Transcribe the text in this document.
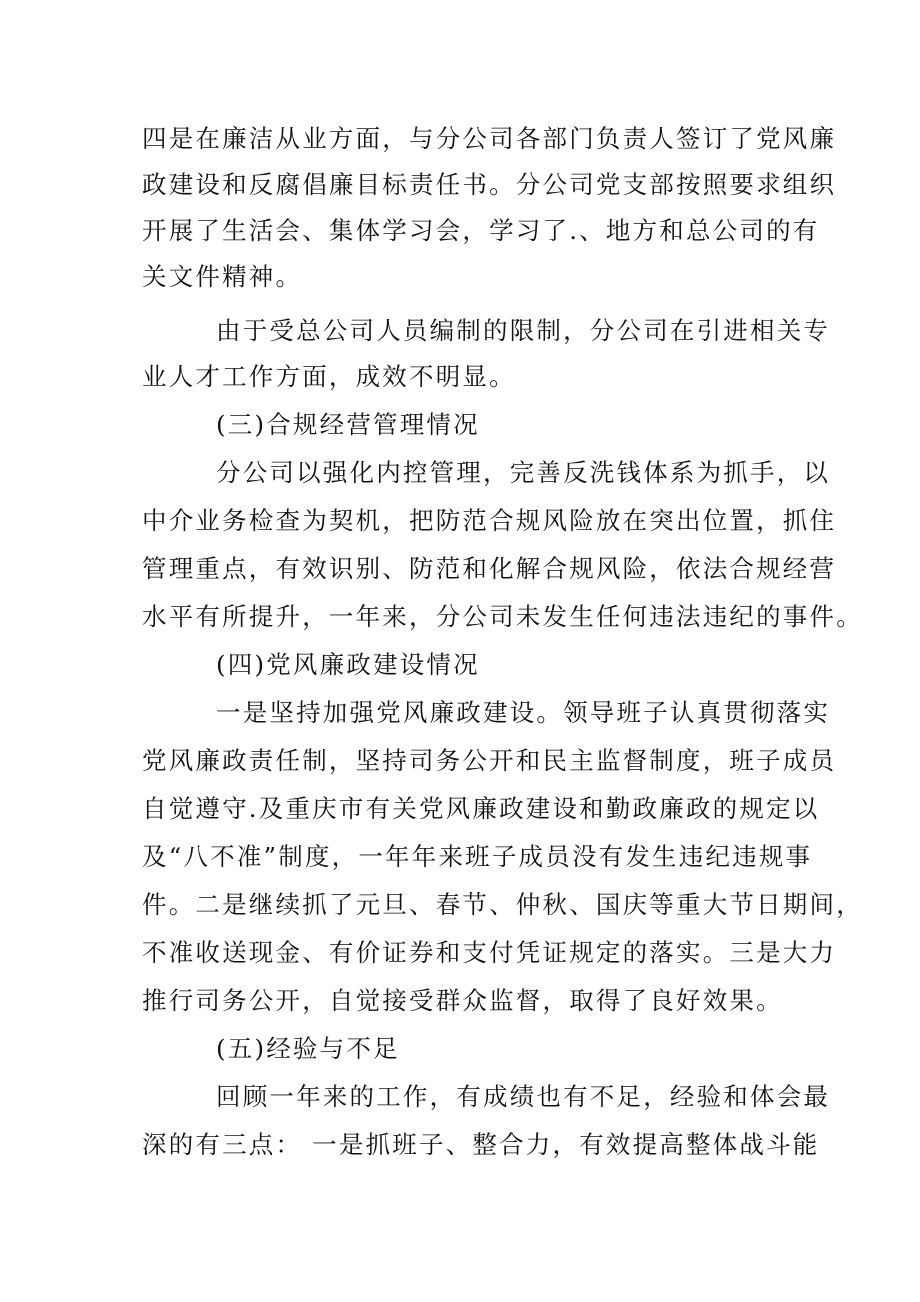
四是在廉洁从业方面，与分公司各部门负责人签订了党风廉
政建设和反腐倡廉目标责任书。分公司党支部按照要求组织
开展了生活会、集体学习会，学习了.、地方和总公司的有
关文件精神。
由于受总公司人员编制的限制，分公司在引进相关专
业人才工作方面，成效不明显。
(三)合规经营管理情况
分公司以强化内控管理，完善反洗钱体系为抓手，以
中介业务检查为契机，把防范合规风险放在突出位置，抓住
管理重点，有效识别、防范和化解合规风险，依法合规经营
水平有所提升，一年来，分公司未发生任何违法违纪的事件。
(四)党风廉政建设情况
一是坚持加强党风廉政建设。领导班子认真贯彻落实
党风廉政责任制，坚持司务公开和民主监督制度，班子成员
自觉遵守.及重庆市有关党风廉政建设和勤政廉政的规定以
及“八不准”制度，一年年来班子成员没有发生违纪违规事
件。二是继续抓了元旦、春节、仲秋、国庆等重大节日期间，
不准收送现金、有价证券和支付凭证规定的落实。三是大力
推行司务公开，自觉接受群众监督，取得了良好效果。
(五)经验与不足
回顾一年来的工作，有成绩也有不足，经验和体会最
深的有三点： 一是抓班子、整合力，有效提高整体战斗能
